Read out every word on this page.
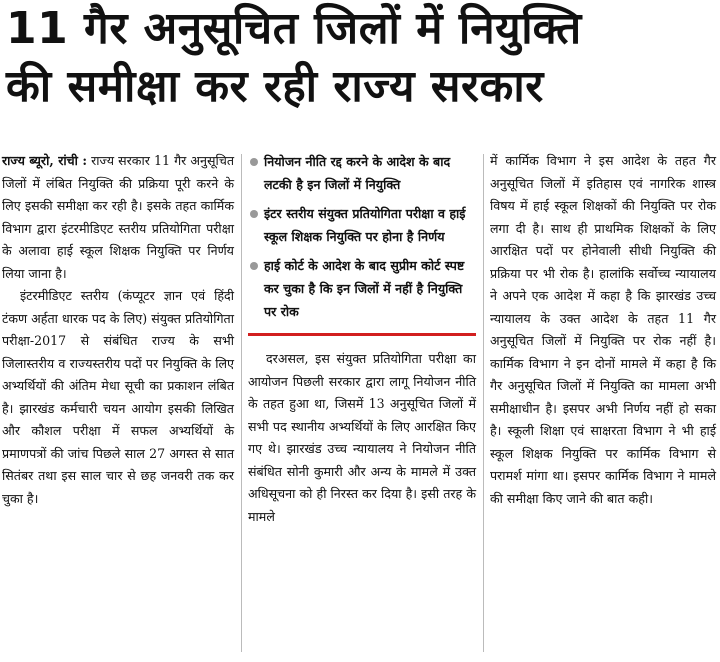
11 गैर अनुसूचित जिलों में नियुक्ति
की समीक्षा कर रही राज्य सरकार

राज्य ब्यूरो, रांची : राज्य सरकार 11 गैर अनुसूचित जिलों में लंबित नियुक्ति की प्रक्रिया पूरी करने के लिए इसकी समीक्षा कर रही है। इसके तहत कार्मिक विभाग द्वारा इंटरमीडिएट स्तरीय प्रतियोगिता परीक्षा के अलावा हाई स्कूल शिक्षक नियुक्ति पर निर्णय लिया जाना है।

इंटरमीडिएट स्तरीय (कंप्यूटर ज्ञान एवं हिंदी टंकण अर्हता धारक पद के लिए) संयुक्त प्रतियोगिता परीक्षा-2017 से संबंधित राज्य के सभी जिलास्तरीय व राज्यस्तरीय पदों पर नियुक्ति के लिए अभ्यर्थियों की अंतिम मेधा सूची का प्रकाशन लंबित है। झारखंड कर्मचारी चयन आयोग इसकी लिखित और कौशल परीक्षा में सफल अभ्यर्थियों के प्रमाणपत्रों की जांच पिछले साल 27 अगस्त से सात सितंबर तथा इस साल चार से छह जनवरी तक कर चुका है।

नियोजन नीति रद्द करने के आदेश के बाद लटकी है इन जिलों में नियुक्ति
इंटर स्तरीय संयुक्त प्रतियोगिता परीक्षा व हाई स्कूल शिक्षक नियुक्ति पर होना है निर्णय
हाई कोर्ट के आदेश के बाद सुप्रीम कोर्ट स्पष्ट कर चुका है कि इन जिलों में नहीं है नियुक्ति पर रोक

दरअसल, इस संयुक्त प्रतियोगिता परीक्षा का आयोजन पिछली सरकार द्वारा लागू नियोजन नीति के तहत हुआ था, जिसमें 13 अनुसूचित जिलों में सभी पद स्थानीय अभ्यर्थियों के लिए आरक्षित किए गए थे। झारखंड उच्च न्यायालय ने नियोजन नीति संबंधित सोनी कुमारी और अन्य के मामले में उक्त अधिसूचना को ही निरस्त कर दिया है। इसी तरह के मामले

में कार्मिक विभाग ने इस आदेश के तहत गैर अनुसूचित जिलों में इतिहास एवं नागरिक शास्त्र विषय में हाई स्कूल शिक्षकों की नियुक्ति पर रोक लगा दी है। साथ ही प्राथमिक शिक्षकों के लिए आरक्षित पदों पर होनेवाली सीधी नियुक्ति की प्रक्रिया पर भी रोक है। हालांकि सर्वोच्च न्यायालय ने अपने एक आदेश में कहा है कि झारखंड उच्च न्यायालय के उक्त आदेश के तहत 11 गैर अनुसूचित जिलों में नियुक्ति पर रोक नहीं है। कार्मिक विभाग ने इन दोनों मामले में कहा है कि गैर अनुसूचित जिलों में नियुक्ति का मामला अभी समीक्षाधीन है। इसपर अभी निर्णय नहीं हो सका है। स्कूली शिक्षा एवं साक्षरता विभाग ने भी हाई स्कूल शिक्षक नियुक्ति पर कार्मिक विभाग से परामर्श मांगा था। इसपर कार्मिक विभाग ने मामले की समीक्षा किए जाने की बात कही।
